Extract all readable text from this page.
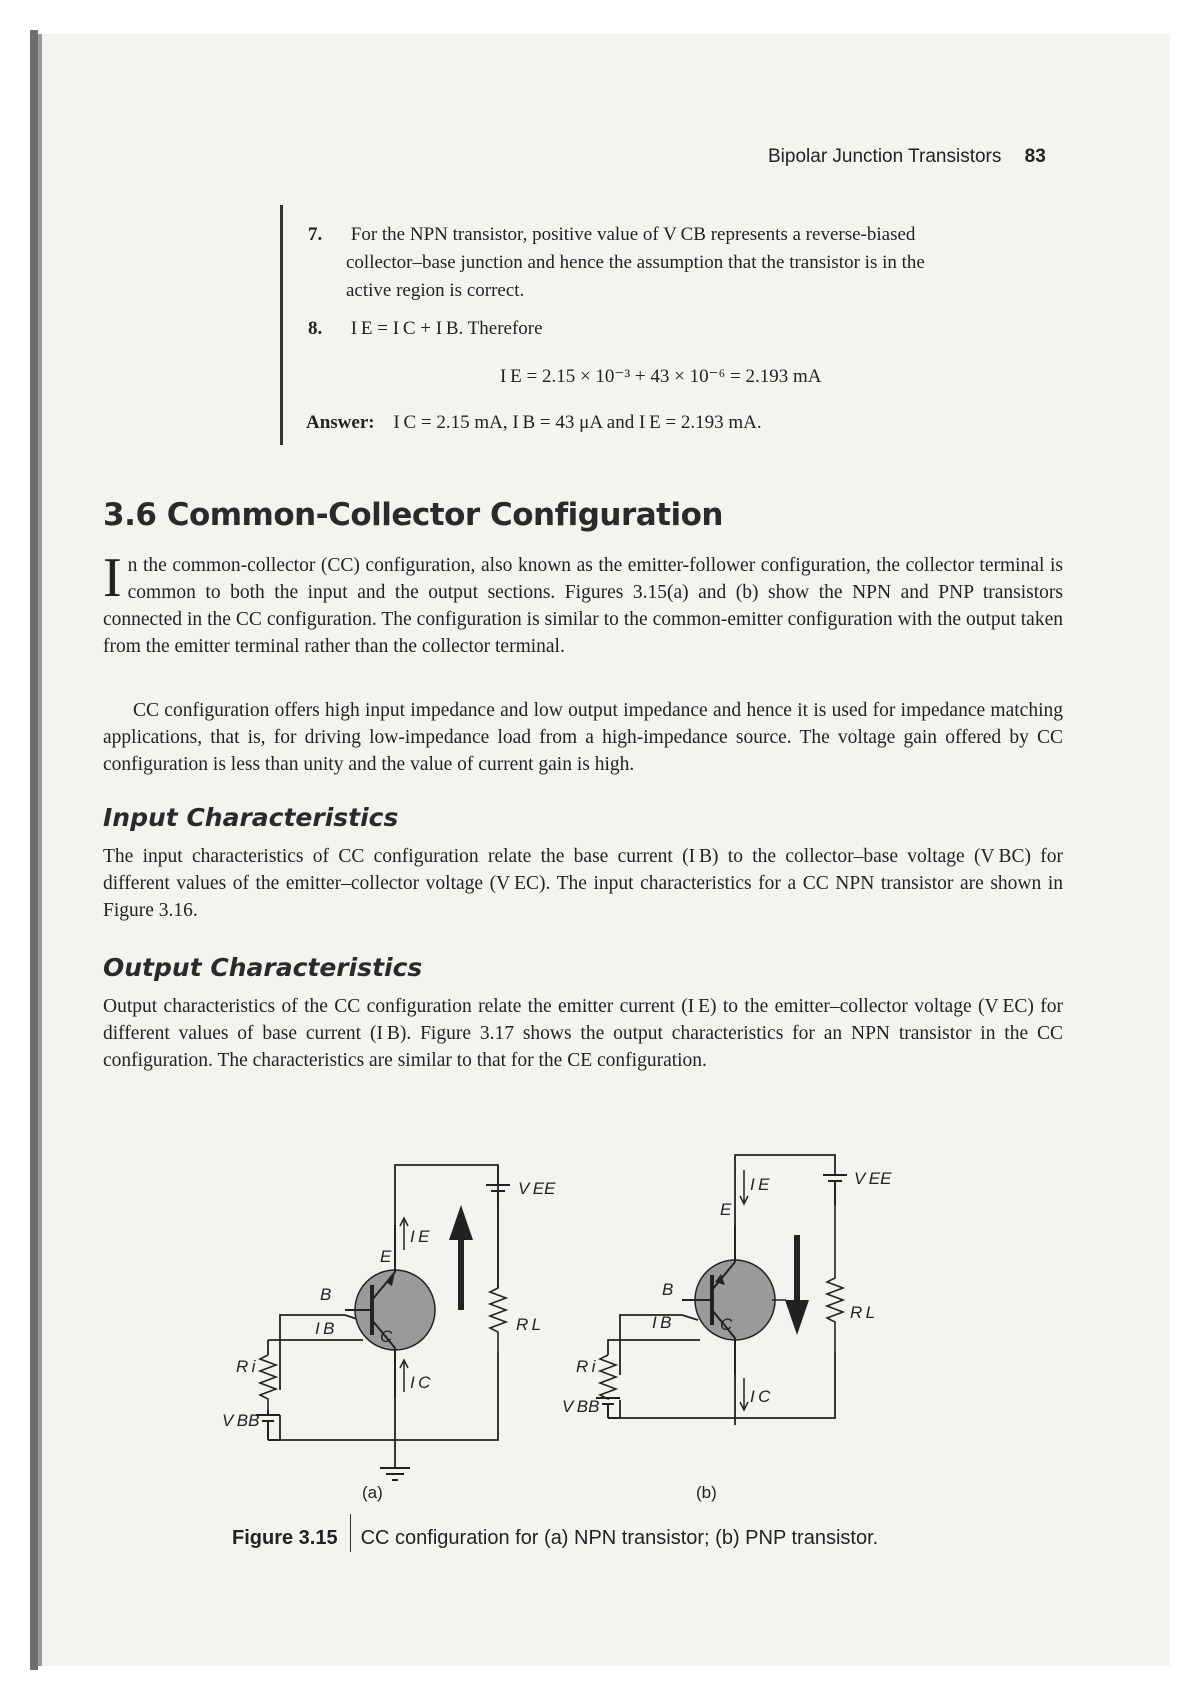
Bipolar Junction Transistors 83
7. For the NPN transistor, positive value of V CB represents a reverse-biased
collector–base junction and hence the assumption that the transistor is in the
active region is correct.
8. I E = I C + I B. Therefore
I E = 2.15 × 10⁻³ + 43 × 10⁻⁶ = 2.193 mA
Answer: I C = 2.15 mA, I B = 43 μA and I E = 2.193 mA.
3.6 Common-Collector Configuration
I n the common-collector (CC) configuration, also known as the emitter-follower configuration, the collector terminal is common to both the input and the output sections. Figures 3.15(a) and (b) show the NPN and PNP transistors connected in the CC configuration. The configuration is similar to the common-emitter configuration with the output taken from the emitter terminal rather than the collector terminal.
CC configuration offers high input impedance and low output impedance and hence it is used for impedance matching applications, that is, for driving low-impedance load from a high-impedance source. The voltage gain offered by CC configuration is less than unity and the value of current gain is high.
Input Characteristics
The input characteristics of CC configuration relate the base current (I B) to the collector–base voltage (V BC) for different values of the emitter–collector voltage (V EC). The input characteristics for a CC NPN transistor are shown in Figure 3.16.
Output Characteristics
Output characteristics of the CC configuration relate the emitter current (I E) to the emitter–collector voltage (V EC) for different values of base current (I B). Figure 3.17 shows the output characteristics for an NPN transistor in the CC configuration. The characteristics are similar to that for the CE configuration.
I E
E
B
I B	C
I C
R i
V BB
V EE
R L
I E
E
B
I B	C
I C
R i
V BB
V EE
R L
(a)	(b)
Figure 3.15 CC configuration for (a) NPN transistor; (b) PNP transistor.
